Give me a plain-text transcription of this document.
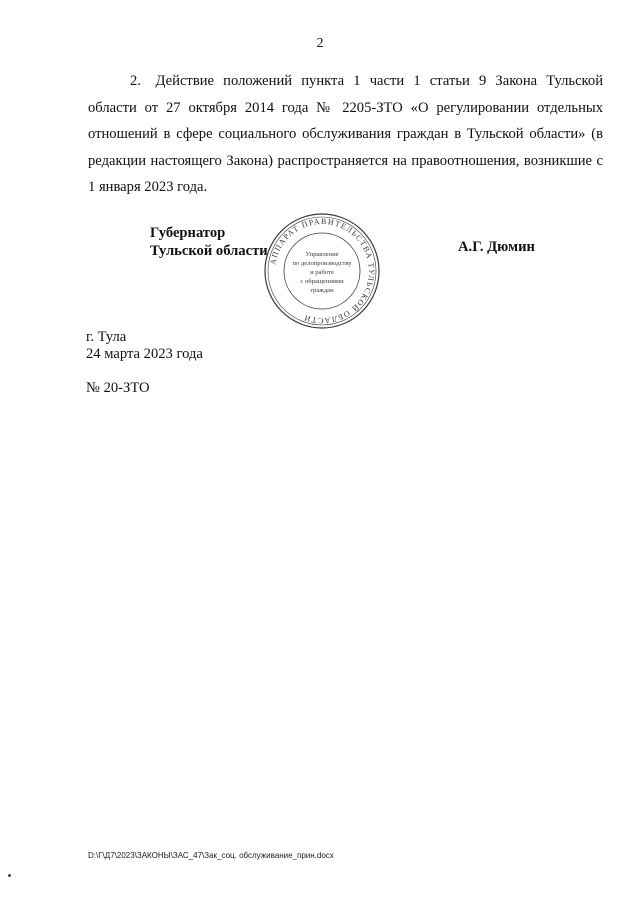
2
2. Действие положений пункта 1 части 1 статьи 9 Закона Тульской области от 27 октября 2014 года № 2205-ЗТО «О регулировании отдельных отношений в сфере социального обслуживания граждан в Тульской области» (в редакции настоящего Закона) распространяется на правоотношения, возникшие с 1 января 2023 года.
Губернатор
Тульской области
АППАРАТ ПРАВИТЕЛЬСТВА ТУЛЬСКОЙ ОБЛАСТИ
Управление
по делопроизводству
и работе
с обращениями
граждан
А.Г. Дюмин
г. Тула
24 марта 2023 года
№ 20-ЗТО
D:\Г\Д7\2023\ЗАКОНЫ\ЗАС_47\Зак_соц. обслуживание_прин.docx
